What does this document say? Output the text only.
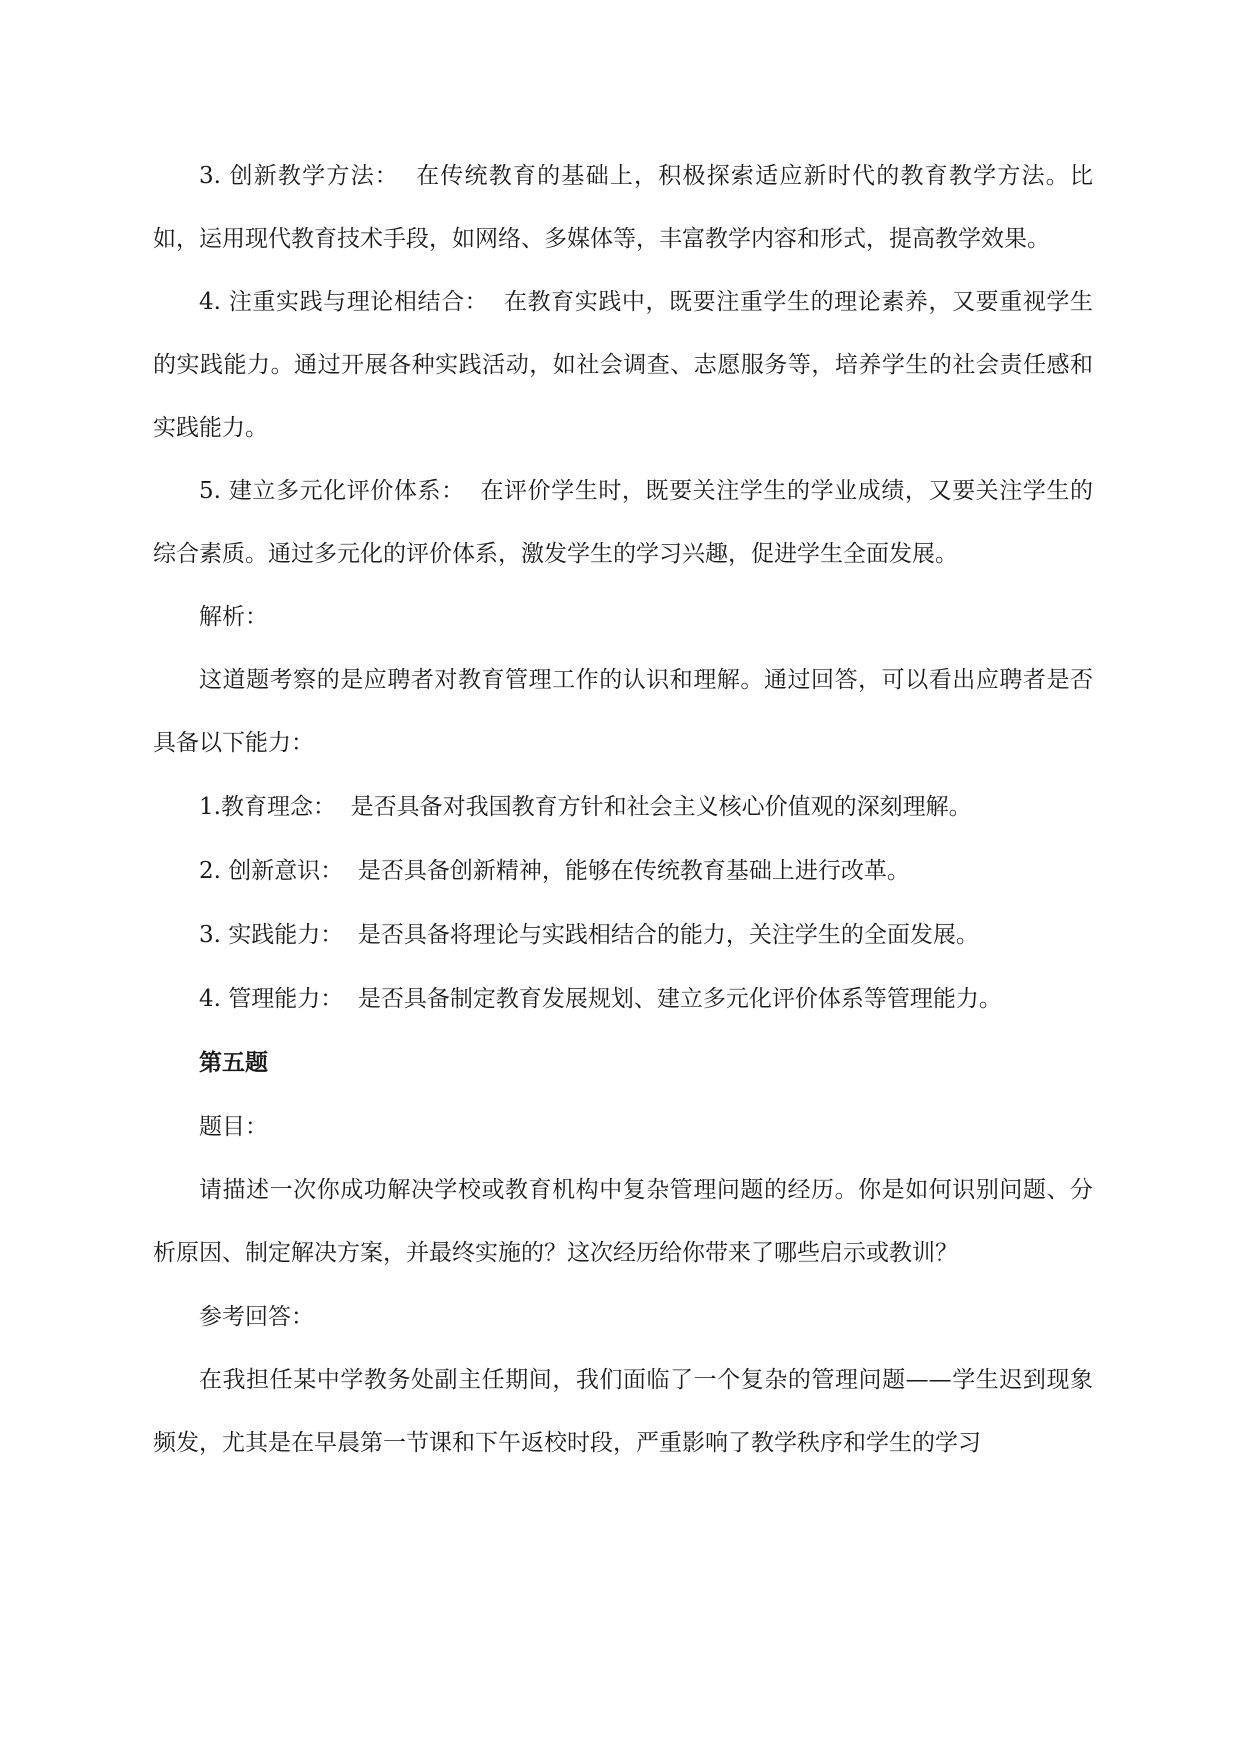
3. 创新教学方法：  在传统教育的基础上，积极探索适应新时代的教育教学方法。比如，运用现代教育技术手段，如网络、多媒体等，丰富教学内容和形式，提高教学效果。

4. 注重实践与理论相结合：  在教育实践中，既要注重学生的理论素养，又要重视学生的实践能力。通过开展各种实践活动，如社会调查、志愿服务等，培养学生的社会责任感和实践能力。

5. 建立多元化评价体系：  在评价学生时，既要关注学生的学业成绩，又要关注学生的综合素质。通过多元化的评价体系，激发学生的学习兴趣，促进学生全面发展。

解析：

这道题考察的是应聘者对教育管理工作的认识和理解。通过回答，可以看出应聘者是否具备以下能力：

1.教育理念：  是否具备对我国教育方针和社会主义核心价值观的深刻理解。

2. 创新意识：  是否具备创新精神，能够在传统教育基础上进行改革。

3. 实践能力：  是否具备将理论与实践相结合的能力，关注学生的全面发展。

4. 管理能力：  是否具备制定教育发展规划、建立多元化评价体系等管理能力。

第五题

题目：

请描述一次你成功解决学校或教育机构中复杂管理问题的经历。你是如何识别问题、分析原因、制定解决方案，并最终实施的？这次经历给你带来了哪些启示或教训？

参考回答：

在我担任某中学教务处副主任期间，我们面临了一个复杂的管理问题——学生迟到现象频发，尤其是在早晨第一节课和下午返校时段，严重影响了教学秩序和学生的学习
